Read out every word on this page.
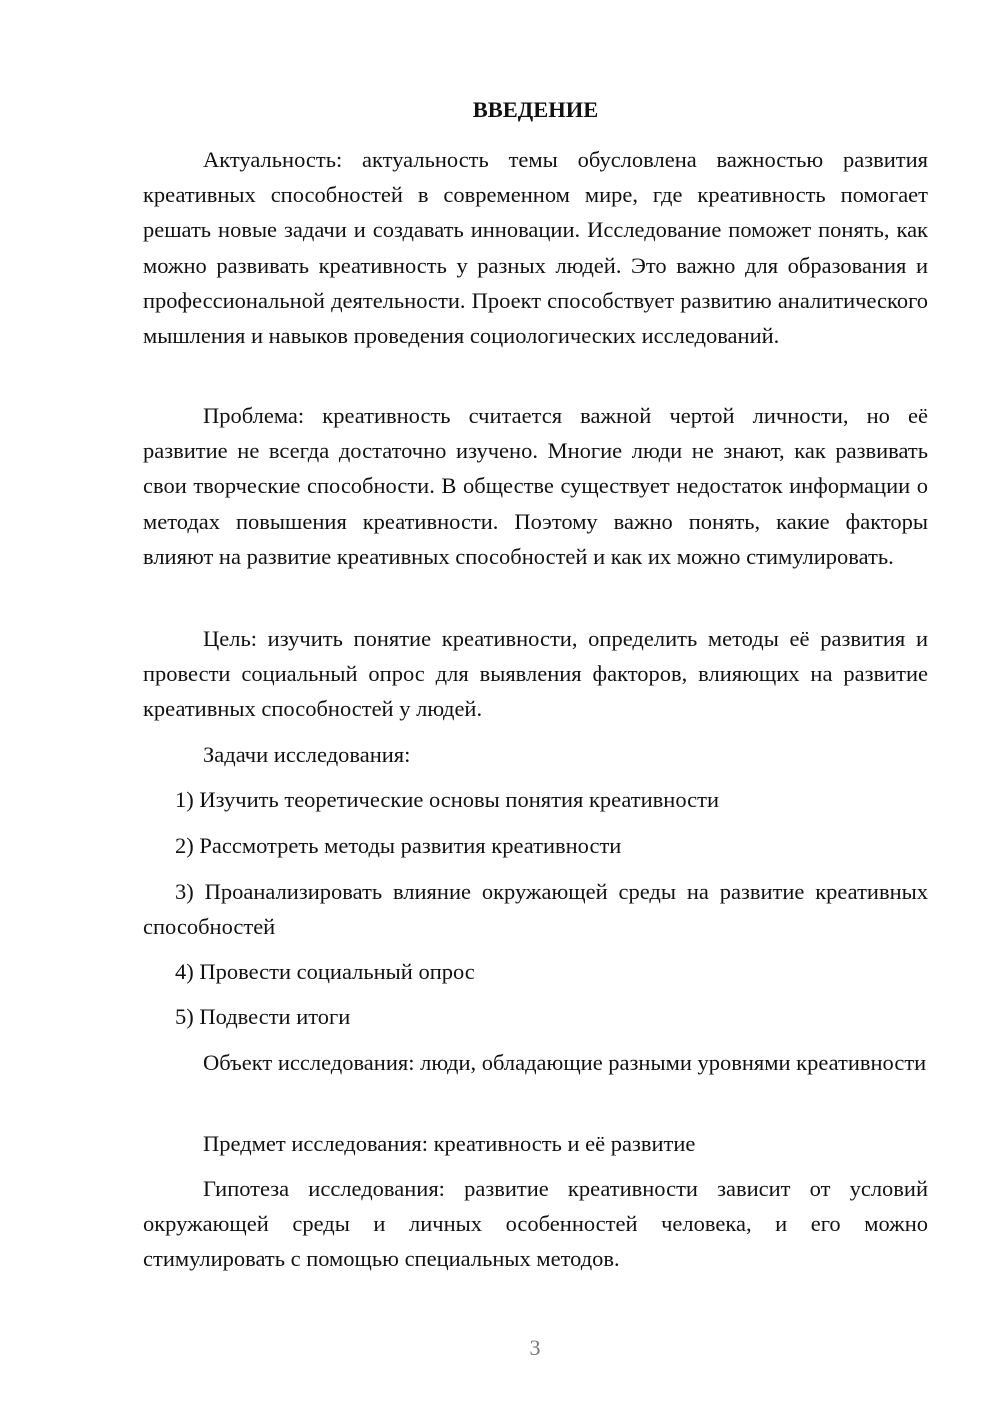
ВВЕДЕНИЕ

Актуальность: актуальность темы обусловлена важностью развития креативных способностей в современном мире, где креативность помогает решать новые задачи и создавать инновации. Исследование поможет понять, как можно развивать креативность у разных людей. Это важно для образования и профессиональной деятельности. Проект способствует развитию аналитического мышления и навыков проведения социологических исследований.

Проблема: креативность считается важной чертой личности, но её развитие не всегда достаточно изучено. Многие люди не знают, как развивать свои творческие способности. В обществе существует недостаток информации о методах повышения креативности. Поэтому важно понять, какие факторы влияют на развитие креативных способностей и как их можно стимулировать.

Цель: изучить понятие креативности, определить методы её развития и провести социальный опрос для выявления факторов, влияющих на развитие креативных способностей у людей.

Задачи исследования:

1) Изучить теоретические основы понятия креативности

2) Рассмотреть методы развития креативности

3) Проанализировать влияние окружающей среды на развитие креативных способностей

4) Провести социальный опрос

5) Подвести итоги

Объект исследования: люди, обладающие разными уровнями креативности

Предмет исследования: креативность и её развитие

Гипотеза исследования: развитие креативности зависит от условий окружающей среды и личных особенностей человека, и его можно стимулировать с помощью специальных методов.

3
